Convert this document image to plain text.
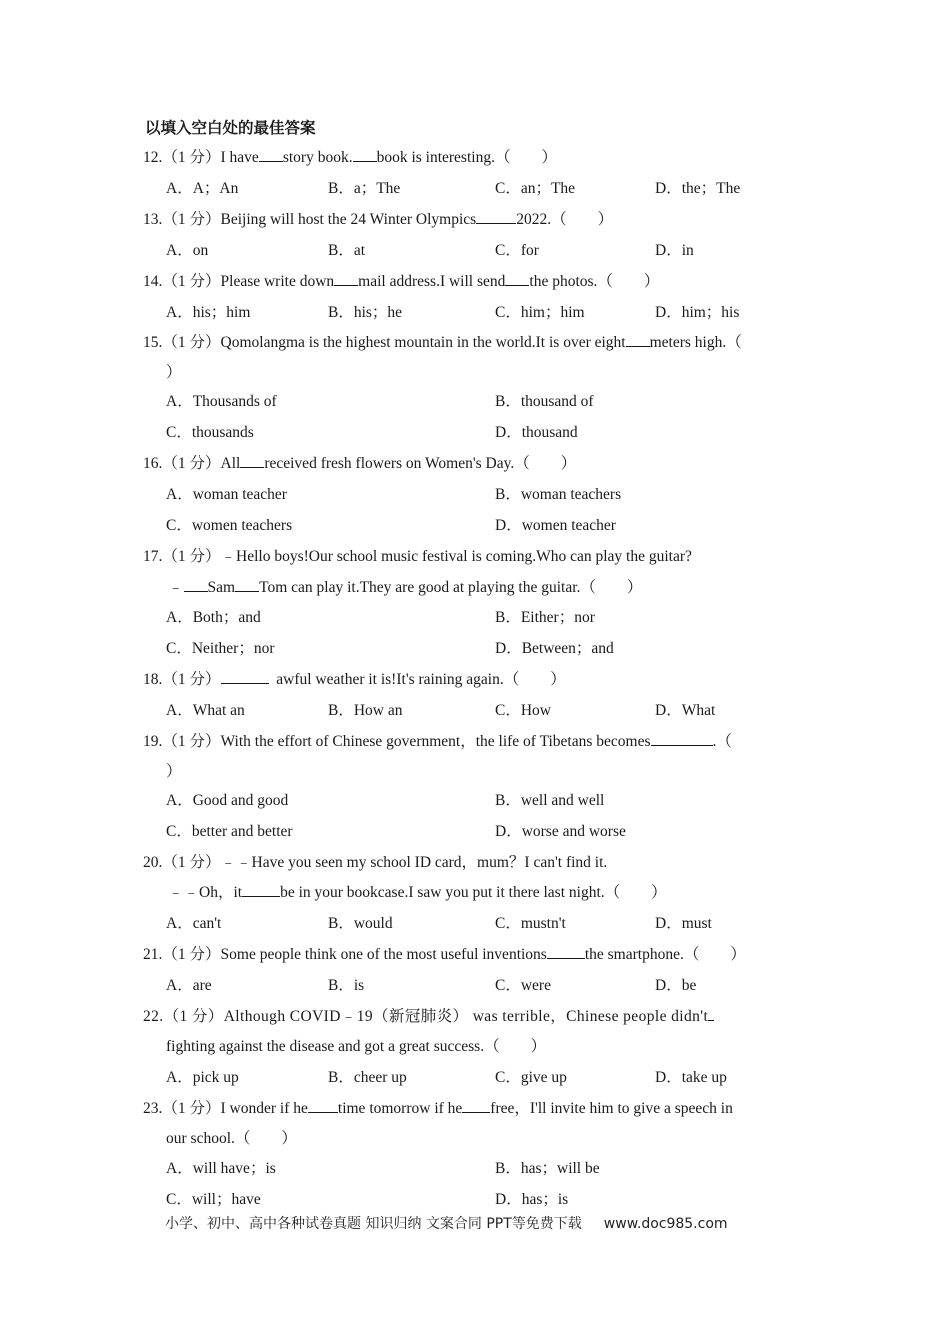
以填入空白处的最佳答案
12.（1 分）I have story book. book is interesting.（　　）
A．A；An	B．a；The	C．an；The	D．the；The
13.（1 分）Beijing will host the 24 Winter Olympics	2022.（　　）
A．on	B．at	C．for	D．in
14.（1 分）Please write down mail address.I will send the photos.（　　）
A．his；him	B．his；he	C．him；him	D．him；his
15.（1 分）Qomolangma is the highest mountain in the world.It is over eight meters high.（
）
A．Thousands of	B．thousand of
C．thousands	D．thousand
16.（1 分）All received fresh flowers on Women's Day.（　　）
A．woman teacher	B．woman teachers
C．women teachers	D．women teacher
17.（1 分）﹣Hello boys!Our school music festival is coming.Who can play the guitar?
﹣ Sam Tom can play it.They are good at playing the guitar.（　　）
A．Both；and	B．Either；nor
C．Neither；nor	D．Between；and
18.（1 分）	awful weather it is!It's raining again.（　　）
A．What an	B．How an	C．How	D．What
19.（1 分）With the effort of Chinese government，the life of Tibetans becomes	.（
）
A．Good and good	B．well and well
C．better and better	D．worse and worse
20.（1 分）﹣﹣Have you seen my school ID card，mum？I can't find it.
﹣﹣Oh，it be in your bookcase.I saw you put it there last night.（　　）
A．can't	B．would	C．mustn't	D．must
21.（1 分）Some people think one of the most useful inventions the smartphone.（　　）
A．are	B．is	C．were	D．be
22.（1 分）Although COVID﹣19（新冠肺炎） was terrible，Chinese people didn't
fighting against the disease and got a great success.（　　）
A．pick up	B．cheer up	C．give up	D．take up
23.（1 分）I wonder if he time tomorrow if he free，I'll invite him to give a speech in
our school.（　　）
A．will have；is	B．has；will be
C．will；have	D．has；is
小学、初中、高中各种试卷真题 知识归纳 文案合同 PPT等免费下载 www.doc985.com
